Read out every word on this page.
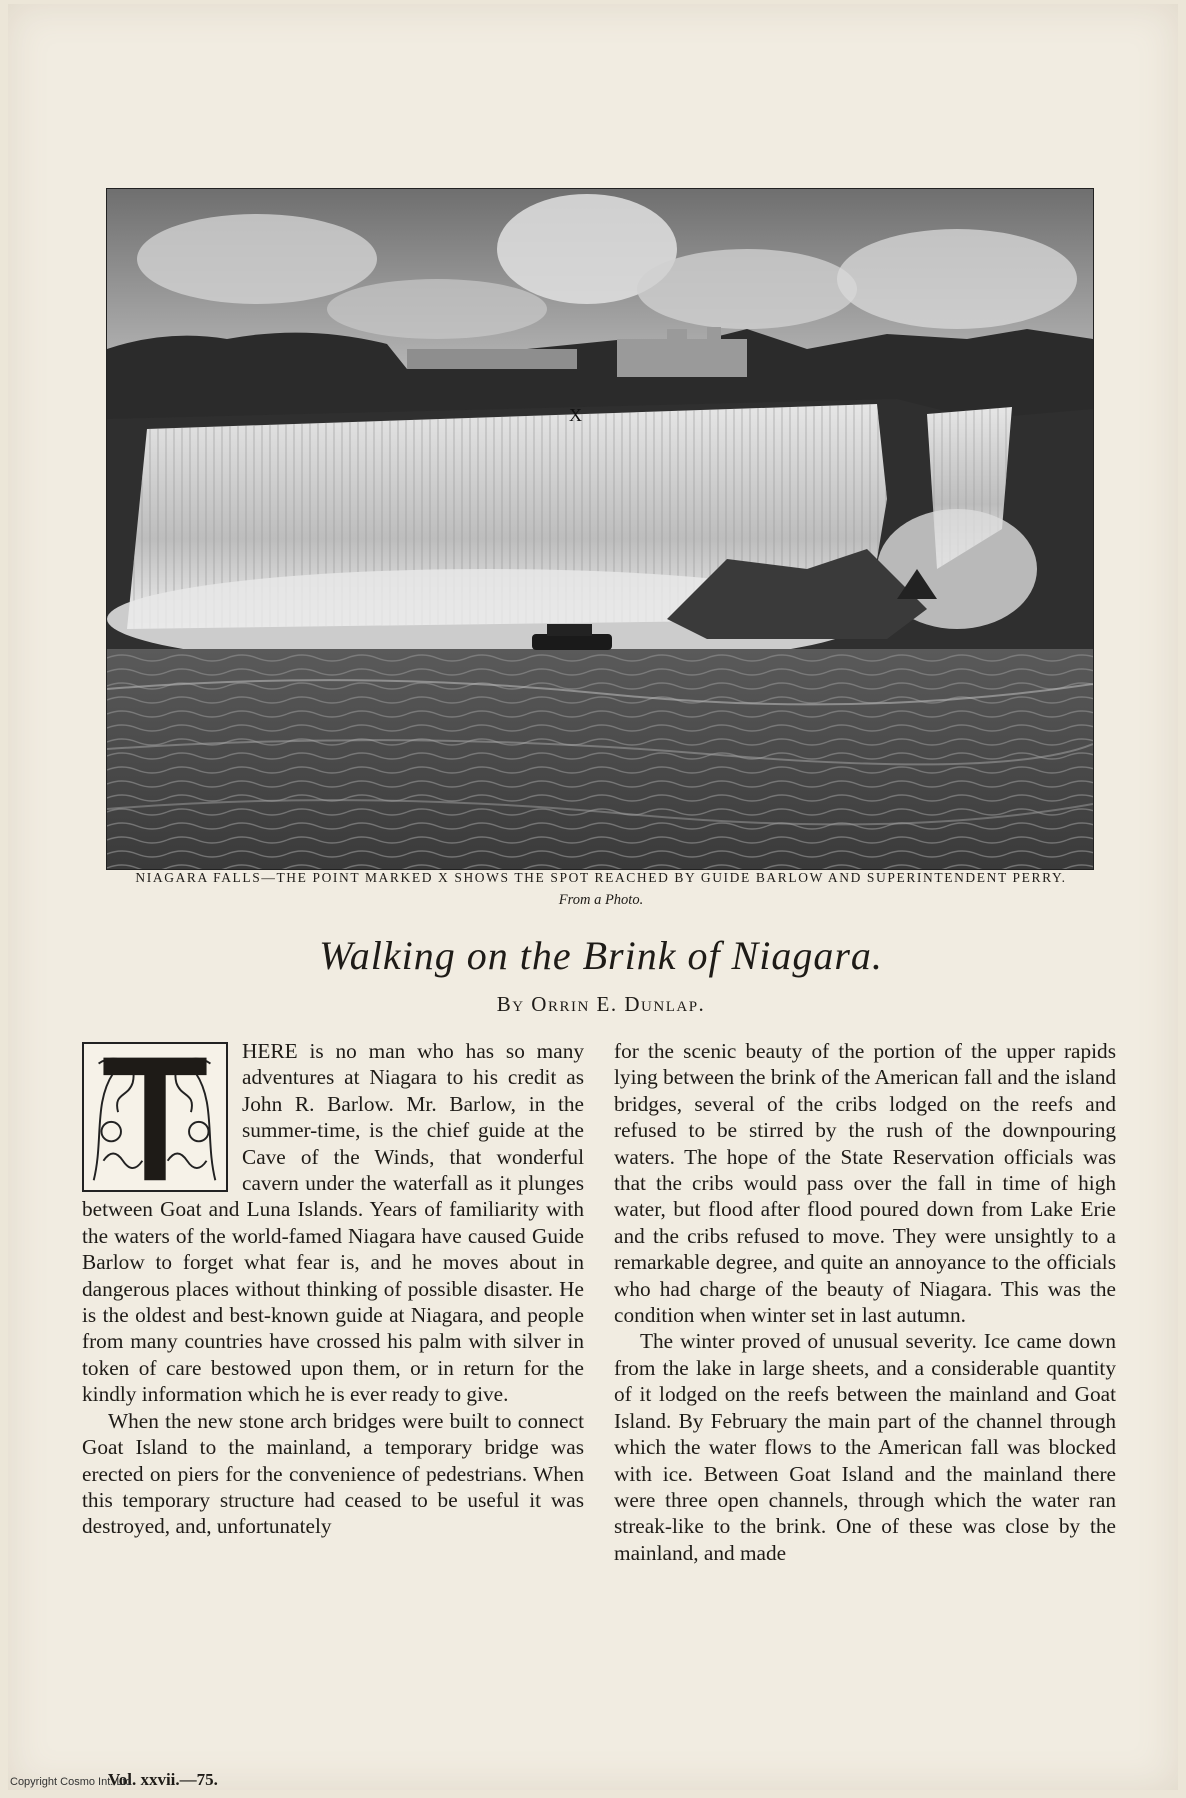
X
NIAGARA FALLS—THE POINT MARKED X SHOWS THE SPOT REACHED BY GUIDE BARLOW AND SUPERINTENDENT PERRY.
From a Photo.
Walking on the Brink of Niagara.
By Orrin E. Dunlap.

HERE is no man who has so many adventures at Niagara to his credit as John R. Barlow. Mr. Barlow, in the summer-time, is the chief guide at the Cave of the Winds, that wonderful cavern under the waterfall as it plunges between Goat and Luna Islands. Years of familiarity with the waters of the world-famed Niagara have caused Guide Barlow to forget what fear is, and he moves about in dangerous places without thinking of possible disaster. He is the oldest and best-known guide at Niagara, and people from many countries have crossed his palm with silver in token of care bestowed upon them, or in return for the kindly information which he is ever ready to give.

When the new stone arch bridges were built to connect Goat Island to the mainland, a temporary bridge was erected on piers for the convenience of pedestrians. When this temporary structure had ceased to be useful it was destroyed, and, unfortunately

for the scenic beauty of the portion of the upper rapids lying between the brink of the American fall and the island bridges, several of the cribs lodged on the reefs and refused to be stirred by the rush of the downpouring waters. The hope of the State Reservation officials was that the cribs would pass over the fall in time of high water, but flood after flood poured down from Lake Erie and the cribs refused to move. They were unsightly to a remarkable degree, and quite an annoyance to the officials who had charge of the beauty of Niagara. This was the condition when winter set in last autumn.

The winter proved of unusual severity. Ice came down from the lake in large sheets, and a considerable quantity of it lodged on the reefs between the mainland and Goat Island. By February the main part of the channel through which the water flows to the American fall was blocked with ice. Between Goat Island and the mainland there were three open channels, through which the water ran streak-like to the brink. One of these was close by the mainland, and made

Vol. xxvii.—75.
Copyright Cosmo Int. Ltd
